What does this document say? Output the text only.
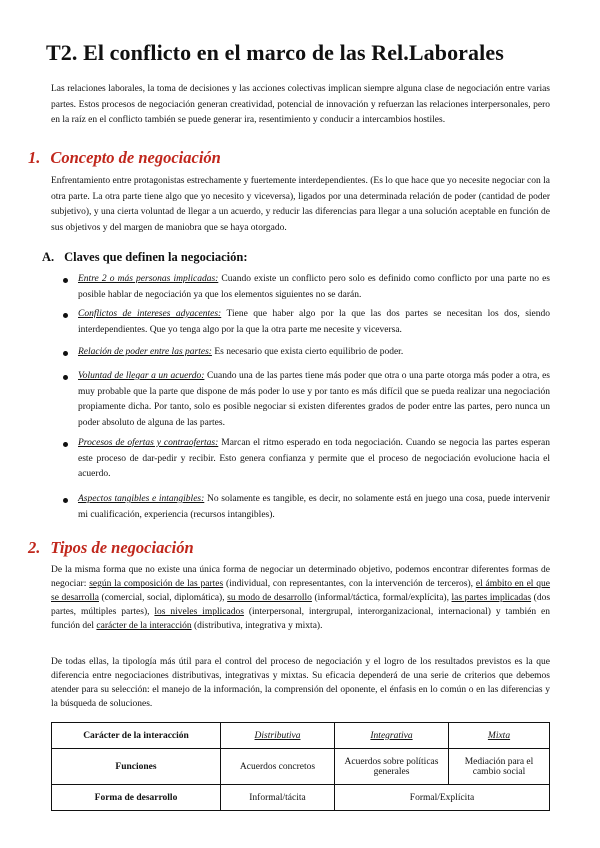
T2. El conflicto en el marco de las Rel.Laborales

Las relaciones laborales, la toma de decisiones y las acciones colectivas implican siempre alguna clase de negociación entre varias partes. Estos procesos de negociación generan creatividad, potencial de innovación y refuerzan las relaciones interpersonales, pero en la raíz en el conflicto también se puede generar ira, resentimiento y conducir a intercambios hostiles.

1. Concepto de negociación

Enfrentamiento entre protagonistas estrechamente y fuertemente interdependientes. (Es lo que hace que yo necesite negociar con la otra parte. La otra parte tiene algo que yo necesito y viceversa), ligados por una determinada relación de poder (cantidad de poder subjetivo), y una cierta voluntad de llegar a un acuerdo, y reducir las diferencias para llegar a una solución aceptable en función de sus objetivos y del margen de maniobra que se haya otorgado.

A. Claves que definen la negociación:
Entre 2 o más personas implicadas: Cuando existe un conflicto pero solo es definido como conflicto por una parte no es posible hablar de negociación ya que los elementos siguientes no se darán.
Conflictos de intereses adyacentes: Tiene que haber algo por la que las dos partes se necesitan los dos, siendo interdependientes. Que yo tenga algo por la que la otra parte me necesite y viceversa.
Relación de poder entre las partes: Es necesario que exista cierto equilibrio de poder.
Voluntad de llegar a un acuerdo: Cuando una de las partes tiene más poder que otra o una parte otorga más poder a otra, es muy probable que la parte que dispone de más poder lo use y por tanto es más difícil que se pueda realizar una negociación propiamente dicha. Por tanto, solo es posible negociar si existen diferentes grados de poder entre las partes, pero nunca un poder absoluto de alguna de las partes.
Procesos de ofertas y contraofertas: Marcan el ritmo esperado en toda negociación. Cuando se negocia las partes esperan este proceso de dar-pedir y recibir. Esto genera confianza y permite que el proceso de negociación evolucione hacia el acuerdo.
Aspectos tangibles e intangibles: No solamente es tangible, es decir, no solamente está en juego una cosa, puede intervenir mi cualificación, experiencia (recursos intangibles).
2. Tipos de negociación

De la misma forma que no existe una única forma de negociar un determinado objetivo, podemos encontrar diferentes formas de negociar: según la composición de las partes (individual, con representantes, con la intervención de terceros), el ámbito en el que se desarrolla (comercial, social, diplomática), su modo de desarrollo (informal/táctica, formal/explícita), las partes implicadas (dos partes, múltiples partes), los niveles implicados (interpersonal, intergrupal, interorganizacional, internacional) y también en función del carácter de la interacción (distributiva, integrativa y mixta).

De todas ellas, la tipología más útil para el control del proceso de negociación y el logro de los resultados previstos es la que diferencia entre negociaciones distributivas, integrativas y mixtas. Su eficacia dependerá de una serie de criterios que debemos atender para su selección: el manejo de la información, la comprensión del oponente, el énfasis en lo común o en las diferencias y la búsqueda de soluciones.

Carácter de la interacción	Distributiva	Integrativa	Mixta
Funciones	Acuerdos concretos	Acuerdos sobre políticas generales	Mediación para el cambio social
Forma de desarrollo	Informal/tácita	Formal/Explícita	
